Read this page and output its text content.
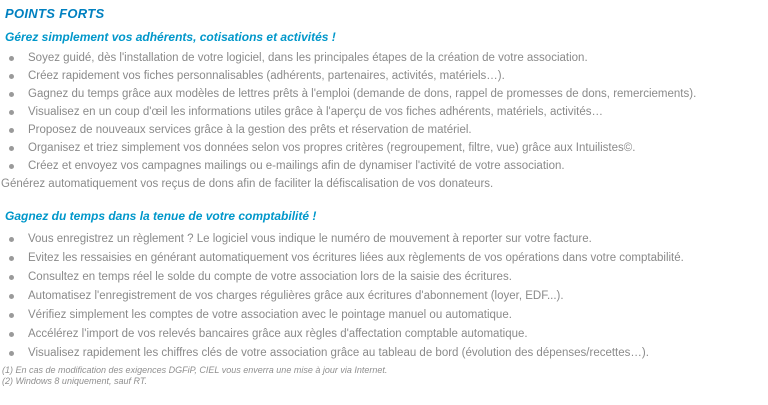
POINTS FORTS
Gérez simplement vos adhérents, cotisations et activités !
Soyez guidé, dès l'installation de votre logiciel, dans les principales étapes de la création de votre association.
Créez rapidement vos fiches personnalisables (adhérents, partenaires, activités, matériels…).
Gagnez du temps grâce aux modèles de lettres prêts à l'emploi (demande de dons, rappel de promesses de dons, remerciements).
Visualisez en un coup d'œil les informations utiles grâce à l'aperçu de vos fiches adhérents, matériels, activités…
Proposez de nouveaux services grâce à la gestion des prêts et réservation de matériel.
Organisez et triez simplement vos données selon vos propres critères (regroupement, filtre, vue) grâce aux Intuilistes©.
Créez et envoyez vos campagnes mailings ou e-mailings afin de dynamiser l'activité de votre association.
Générez automatiquement vos reçus de dons afin de faciliter la défiscalisation de vos donateurs.
Gagnez du temps dans la tenue de votre comptabilité !
Vous enregistrez un règlement ? Le logiciel vous indique le numéro de mouvement à reporter sur votre facture.
Evitez les ressaisies en générant automatiquement vos écritures liées aux règlements de vos opérations dans votre comptabilité.
Consultez en temps réel le solde du compte de votre association lors de la saisie des écritures.
Automatisez l'enregistrement de vos charges régulières grâce aux écritures d'abonnement (loyer, EDF...).
Vérifiez simplement les comptes de votre association avec le pointage manuel ou automatique.
Accélérez l'import de vos relevés bancaires grâce aux règles d'affectation comptable automatique.
Visualisez rapidement les chiffres clés de votre association grâce au tableau de bord (évolution des dépenses/recettes…).
(1) En cas de modification des exigences DGFiP, CIEL vous enverra une mise à jour via Internet.
(2) Windows 8 uniquement, sauf RT.
